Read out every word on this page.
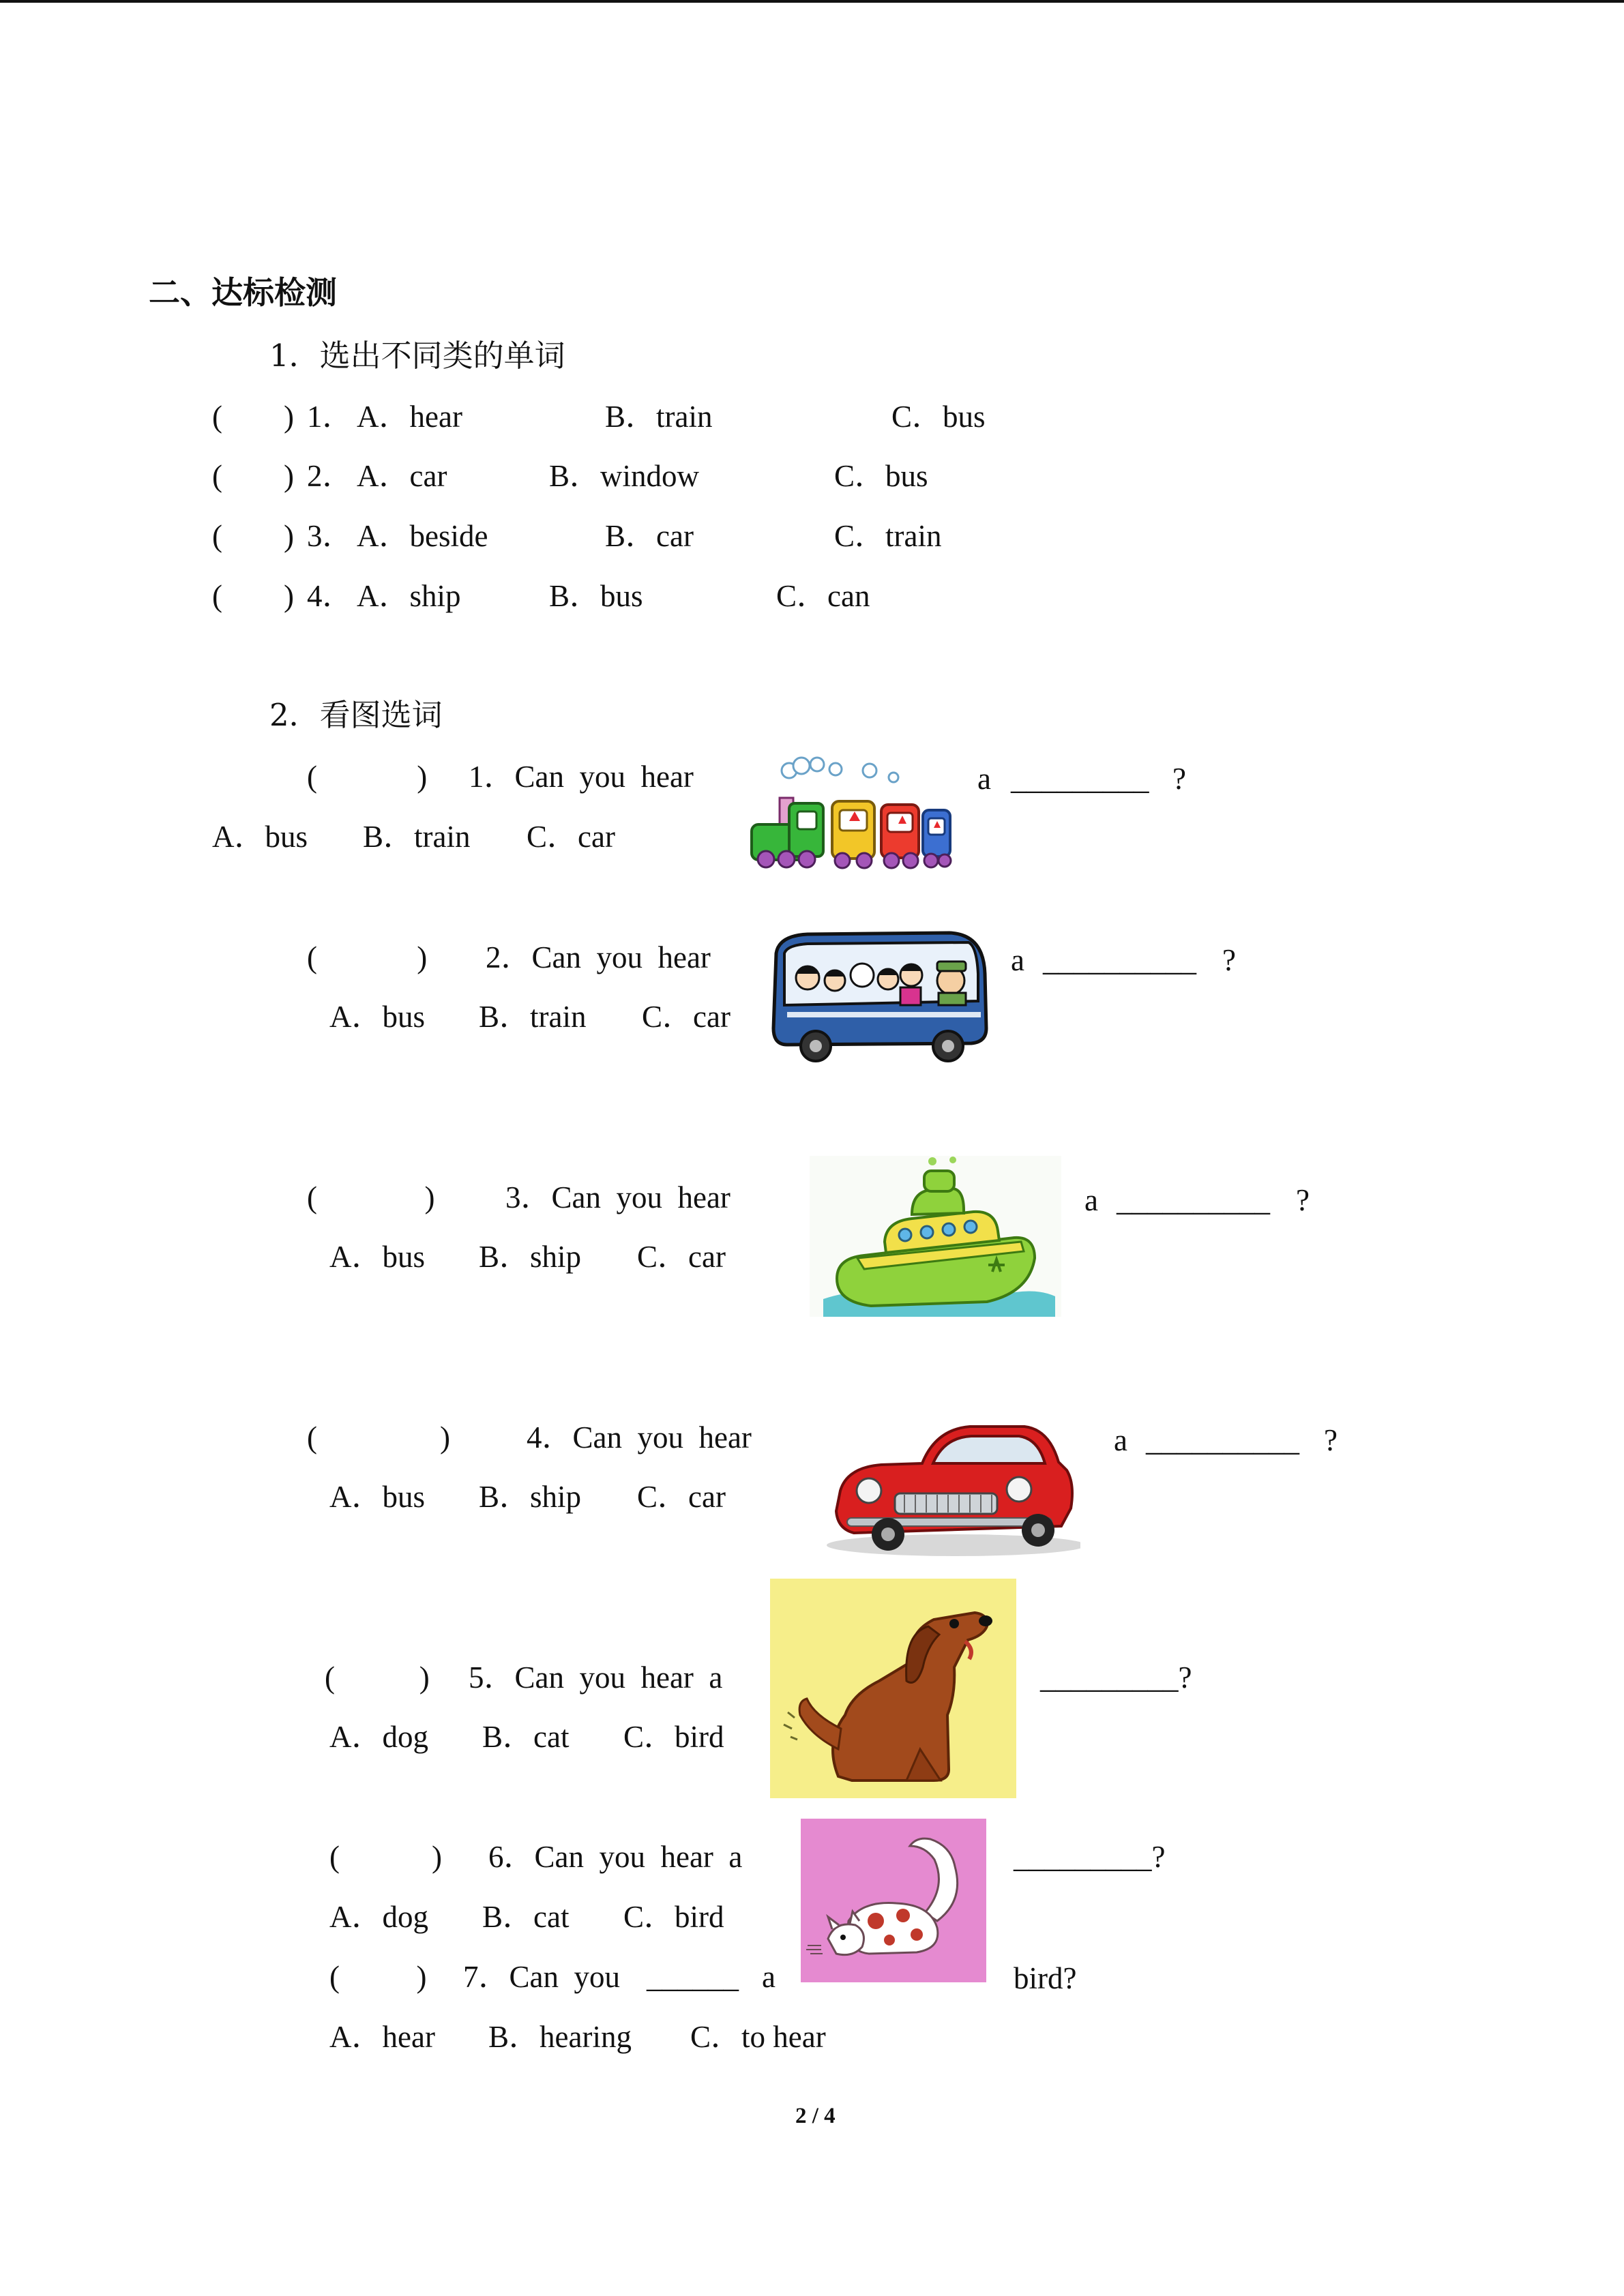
二、达标检测
1．选出不同类的单词
(        ) 1． A．hear	B．train	C．bus
(        ) 2． A．car	B．window	C．bus
(        ) 3． A．beside	B．car	C．train
(        ) 4． A．ship	B．bus	C．can
2．看图选词
(             ) 1．Can  you  hear	a _________ ?
A．bus B．train C．car
(             ) 2．Can  you  hear	a __________ ?
A．bus B．train C．car
(              ) 3．Can  you  hear	a __________ ?
A．bus B．ship C．car
(                ) 4．Can  you  hear	a __________ ?
A．bus B．ship C．car
(           ) 5．Can  you  hear  a	_________?
A．dog B．cat C．bird
(            ) 6．Can  you  hear  a	_________?
A．dog B．cat C．bird
(          ) 7．Can  you ______ a	bird?
A．hear B．hearing C．to hear
2 / 4
